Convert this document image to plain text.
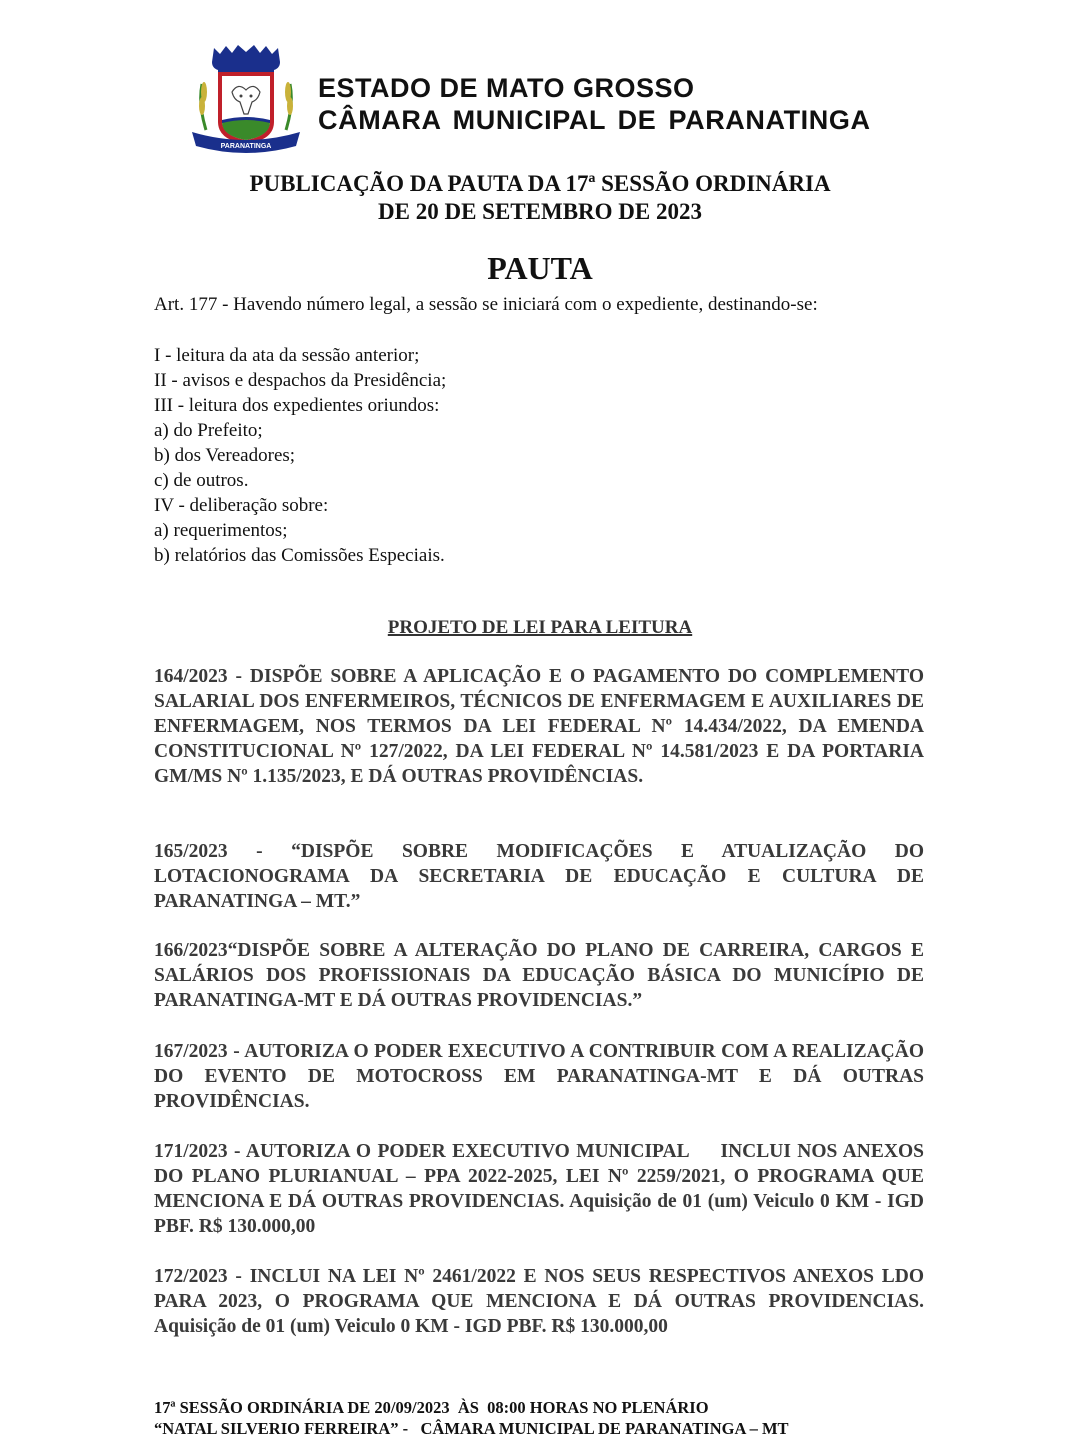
PARANATINGA
ESTADO DE MATO GROSSO
CÂMARA MUNICIPAL DE PARANATINGA
PUBLICAÇÃO DA PAUTA DA 17ª SESSÃO ORDINÁRIA
DE 20 DE SETEMBRO DE 2023
PAUTA
Art. 177 - Havendo número legal, a sessão se iniciará com o expediente, destinando-se:
I - leitura da ata da sessão anterior;
II - avisos e despachos da Presidência;
III - leitura dos expedientes oriundos:
a) do Prefeito;
b) dos Vereadores;
c) de outros.
IV - deliberação sobre:
a) requerimentos;
b) relatórios das Comissões Especiais.
PROJETO DE LEI PARA LEITURA
164/2023 - DISPÕE SOBRE A APLICAÇÃO E O PAGAMENTO DO COMPLEMENTO SALARIAL DOS ENFERMEIROS, TÉCNICOS DE ENFERMAGEM E AUXILIARES DE ENFERMAGEM, NOS TERMOS DA LEI FEDERAL Nº 14.434/2022, DA EMENDA CONSTITUCIONAL Nº 127/2022, DA LEI FEDERAL Nº 14.581/2023 E DA PORTARIA GM/MS Nº 1.135/2023, E DÁ OUTRAS PROVIDÊNCIAS.
165/2023 - “DISPÕE SOBRE MODIFICAÇÕES E ATUALIZAÇÃO DO LOTACIONOGRAMA DA SECRETARIA DE EDUCAÇÃO E CULTURA DE PARANATINGA – MT.”
166/2023“DISPÕE SOBRE A ALTERAÇÃO DO PLANO DE CARREIRA, CARGOS E SALÁRIOS DOS PROFISSIONAIS DA EDUCAÇÃO BÁSICA DO MUNICÍPIO DE PARANATINGA-MT E DÁ OUTRAS PROVIDENCIAS.”
167/2023 - AUTORIZA O PODER EXECUTIVO A CONTRIBUIR COM A REALIZAÇÃO DO EVENTO DE MOTOCROSS EM PARANATINGA-MT E DÁ OUTRAS PROVIDÊNCIAS.
171/2023 - AUTORIZA O PODER EXECUTIVO MUNICIPAL     INCLUI NOS ANEXOS DO PLANO PLURIANUAL – PPA 2022-2025, LEI Nº 2259/2021, O PROGRAMA QUE MENCIONA E DÁ OUTRAS PROVIDENCIAS. Aquisição de 01 (um) Veiculo 0 KM - IGD PBF. R$ 130.000,00
172/2023 - INCLUI NA LEI Nº 2461/2022 E NOS SEUS RESPECTIVOS ANEXOS LDO PARA 2023, O PROGRAMA QUE MENCIONA E DÁ OUTRAS PROVIDENCIAS. Aquisição de 01 (um) Veiculo 0 KM - IGD PBF. R$ 130.000,00
17ª SESSÃO ORDINÁRIA DE 20/09/2023  ÀS  08:00 HORAS NO PLENÁRIO
“NATAL SILVERIO FERREIRA” -   CÂMARA MUNICIPAL DE PARANATINGA – MT
